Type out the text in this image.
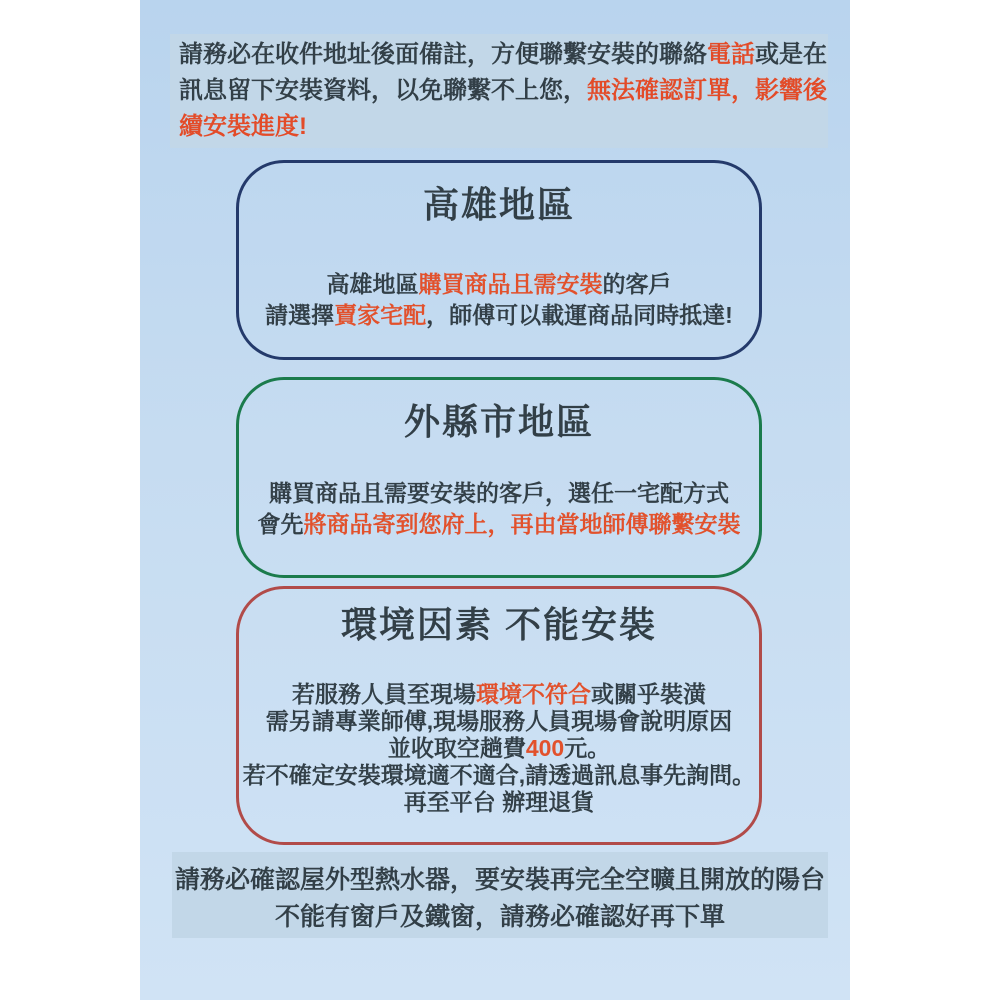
請務必在收件地址後面備註，方便聯繫安裝的聯絡電話或是在

訊息留下安裝資料，以免聯繫不上您，無法確認訂單，影響後

續安裝進度!

高雄地區

高雄地區購買商品且需安裝的客戶

請選擇賣家宅配，師傅可以載運商品同時抵達!

外縣市地區

購買商品且需要安裝的客戶，選任一宅配方式

會先將商品寄到您府上，再由當地師傅聯繫安裝

環境因素 不能安裝

若服務人員至現場環境不符合或關乎裝潢

需另請專業師傅,現場服務人員現場會說明原因

並收取空趟費400元。

若不確定安裝環境適不適合,請透過訊息事先詢問。

再至平台 辦理退貨

請務必確認屋外型熱水器，要安裝再完全空曠且開放的陽台

不能有窗戶及鐵窗，請務必確認好再下單
